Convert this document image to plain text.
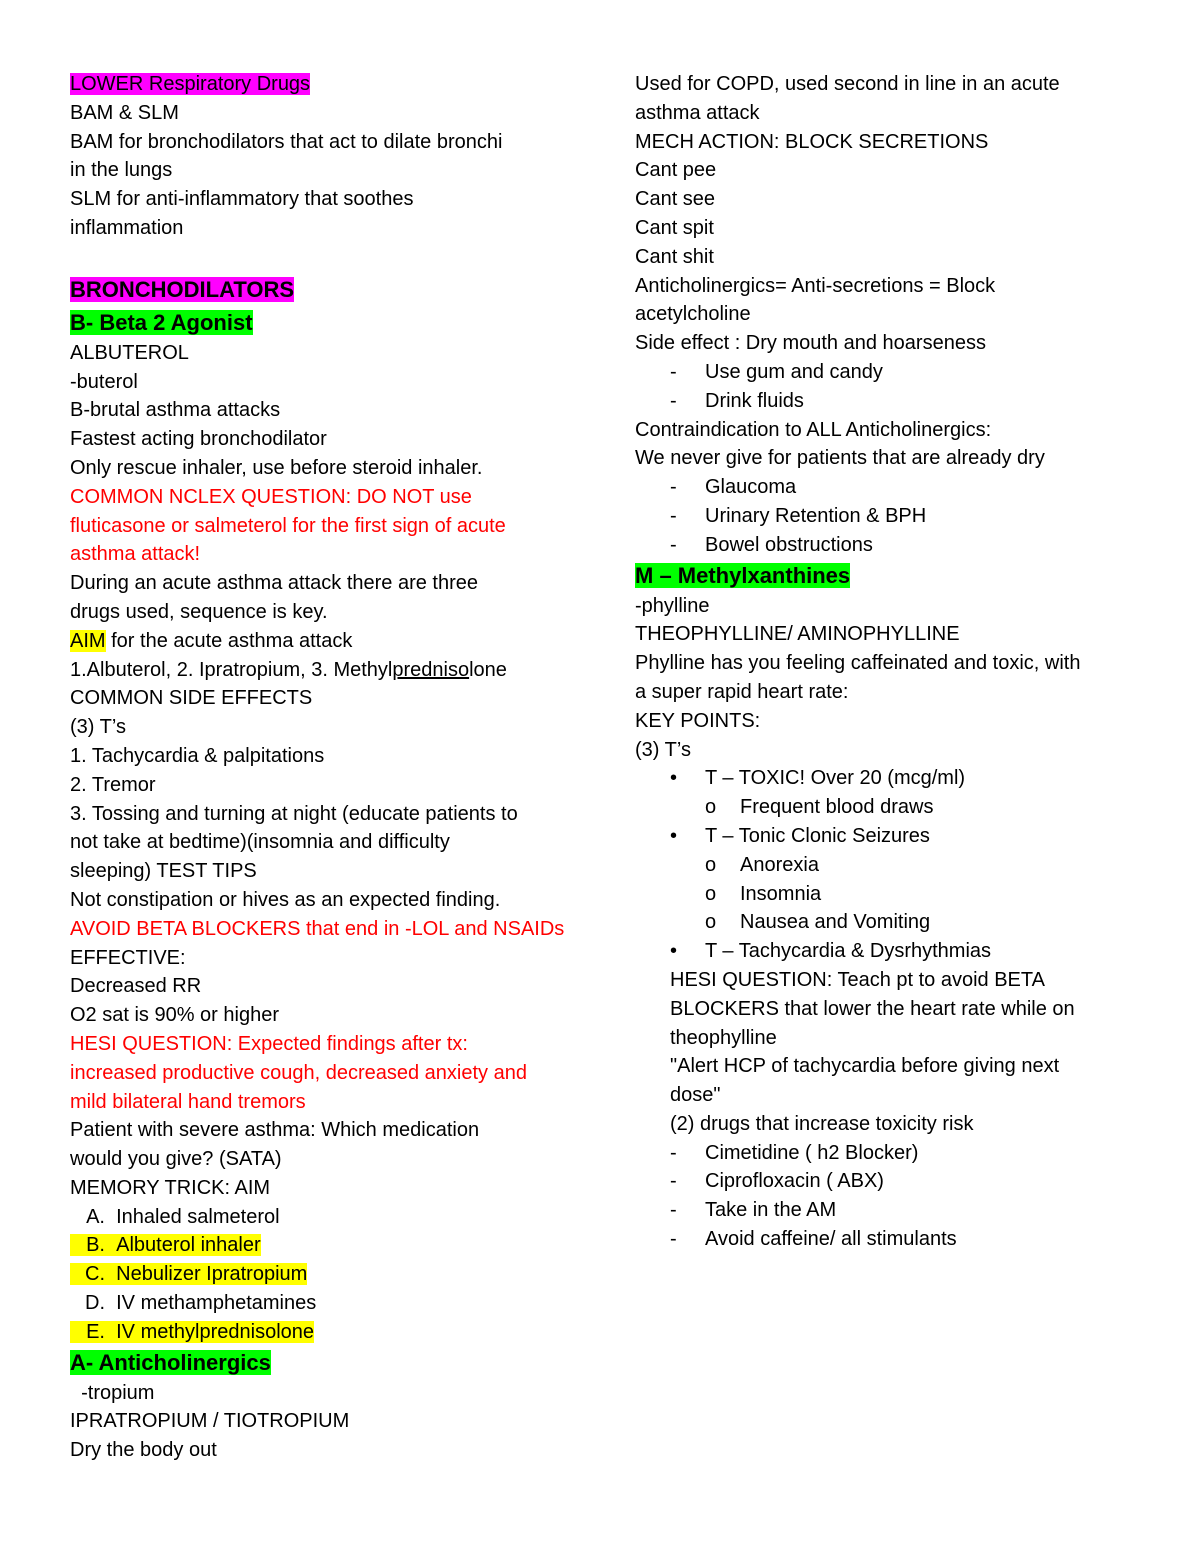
LOWER Respiratory Drugs
BAM & SLM
BAM for bronchodilators that act to dilate bronchi
in the lungs
SLM for anti-inflammatory that soothes
inflammation
BRONCHODILATORS
B- Beta 2 Agonist
ALBUTEROL
-buterol
B-brutal asthma attacks
Fastest acting bronchodilator
Only rescue inhaler, use before steroid inhaler.
COMMON NCLEX QUESTION: DO NOT use
fluticasone or salmeterol for the first sign of acute
asthma attack!
During an acute asthma attack there are three
drugs used, sequence is key.
AIM for the acute asthma attack
1.Albuterol, 2. Ipratropium, 3. Methylprednisolone
COMMON SIDE EFFECTS
(3) T’s
1. Tachycardia & palpitations
2. Tremor
3. Tossing and turning at night (educate patients to
not take at bedtime)(insomnia and difficulty
sleeping) TEST TIPS
Not constipation or hives as an expected finding.
AVOID BETA BLOCKERS that end in -LOL and NSAIDs
EFFECTIVE:
Decreased RR
O2 sat is 90% or higher
HESI QUESTION: Expected findings after tx:
increased productive cough, decreased anxiety and
mild bilateral hand tremors
Patient with severe asthma: Which medication
would you give? (SATA)
MEMORY TRICK: AIM
A. Inhaled salmeterol
B. Albuterol inhaler
C. Nebulizer Ipratropium
D. IV methamphetamines
E. IV methylprednisolone
A- Anticholinergics
-tropium
IPRATROPIUM / TIOTROPIUM
Dry the body out
Used for COPD, used second in line in an acute
asthma attack
MECH ACTION: BLOCK SECRETIONS
Cant pee
Cant see
Cant spit
Cant shit
Anticholinergics= Anti-secretions = Block
acetylcholine
Side effect : Dry mouth and hoarseness
- Use gum and candy
- Drink fluids
Contraindication to ALL Anticholinergics:
We never give for patients that are already dry
- Glaucoma
- Urinary Retention & BPH
- Bowel obstructions
M – Methylxanthines
-phylline
THEOPHYLLINE/ AMINOPHYLLINE
Phylline has you feeling caffeinated and toxic, with
a super rapid heart rate:
KEY POINTS:
(3) T’s
• T – TOXIC! Over 20 (mcg/ml)
o Frequent blood draws
• T – Tonic Clonic Seizures
o Anorexia
o Insomnia
o Nausea and Vomiting
• T – Tachycardia & Dysrhythmias
HESI QUESTION: Teach pt to avoid BETA
BLOCKERS that lower the heart rate while on
theophylline
"Alert HCP of tachycardia before giving next
dose"
(2) drugs that increase toxicity risk
- Cimetidine ( h2 Blocker)
- Ciprofloxacin ( ABX)
- Take in the AM
- Avoid caffeine/ all stimulants
